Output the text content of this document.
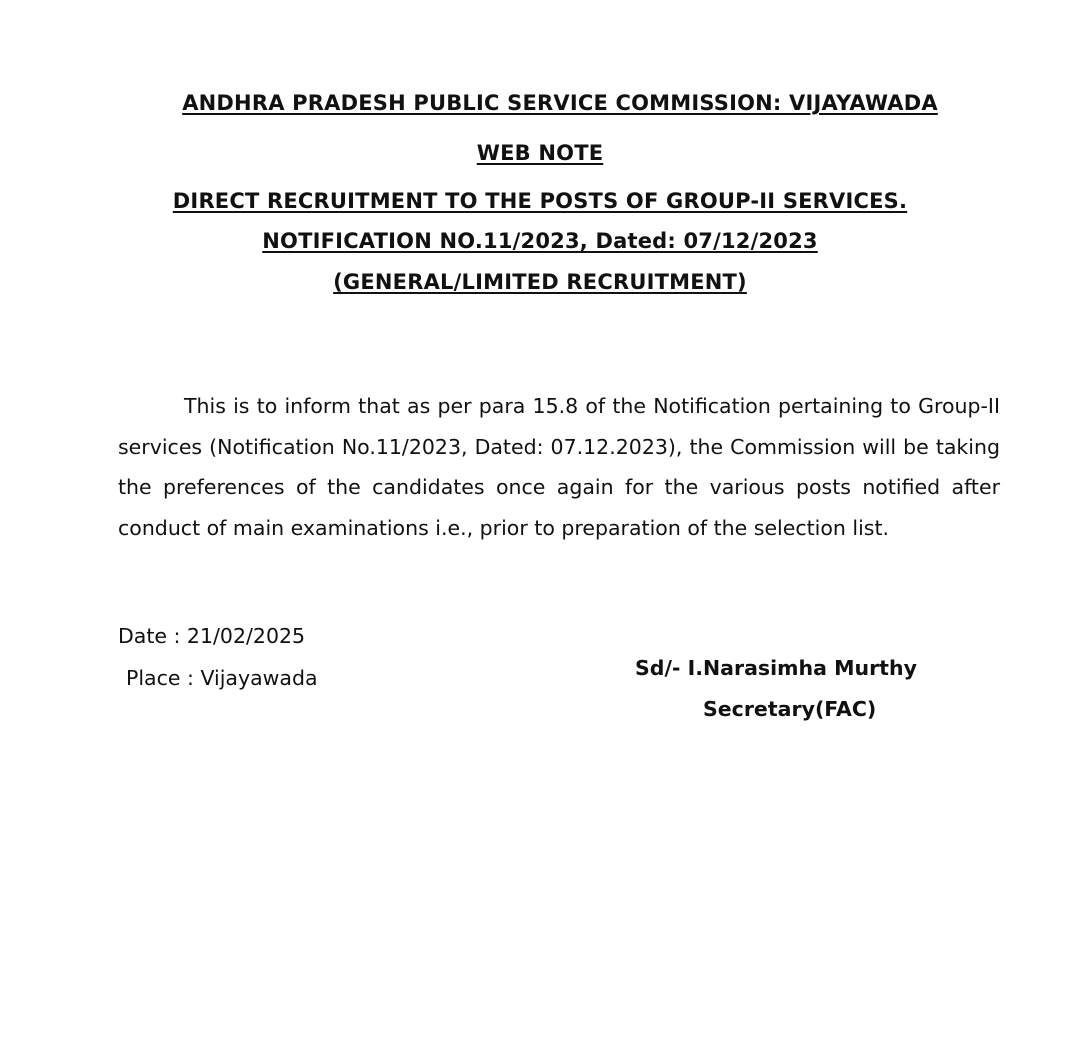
ANDHRA PRADESH PUBLIC SERVICE COMMISSION: VIJAYAWADA
WEB NOTE
DIRECT RECRUITMENT TO THE POSTS OF GROUP-II SERVICES.
NOTIFICATION NO.11/2023, Dated: 07/12/2023
(GENERAL/LIMITED RECRUITMENT)

This is to inform that as per para 15.8 of the Notification pertaining to Group-II services (Notification No.11/2023, Dated: 07.12.2023), the Commission will be taking the preferences of the candidates once again for the various posts notified after conduct of main examinations i.e., prior to preparation of the selection list.

Date : 21/02/2025
Place : Vijayawada	Sd/- I.Narasimha Murthy
Secretary(FAC)
